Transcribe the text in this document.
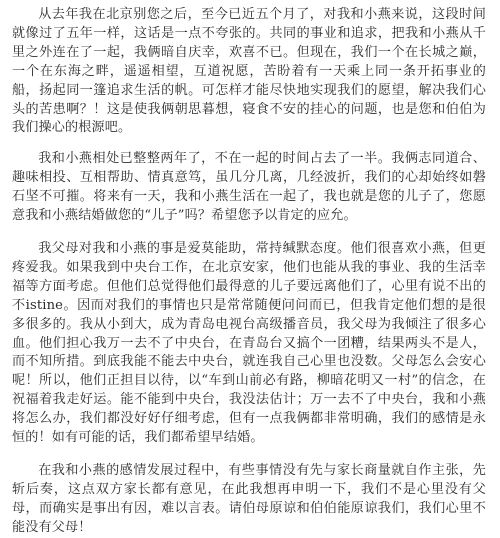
从去年我在北京别您之后，至今已近五个月了，对我和小燕来说，这段时间就像过了五年一样，这话是一点不夸张的。共同的事业和追求，把我和小燕从千里之外连在了一起，我俩暗自庆幸，欢喜不已。但现在，我们一个在长城之巅，一个在东海之畔，遥遥相望，互道祝愿，苦盼着有一天乘上同一条开拓事业的船，扬起同一篷追求生活的帆。可怎样才能尽快地实现我们的愿望，解决我们心头的苦患啊？！这是使我俩朝思暮想，寝食不安的挂心的问题，也是您和伯伯为我们操心的根源吧。

我和小燕相处已整整两年了，不在一起的时间占去了一半。我俩志同道合、趣味相投、互相帮助、情真意笃，虽几分几离，几经波折，我们的心却始终如磐石坚不可摧。将来有一天，我和小燕生活在一起了，我也就是您的儿子了，您愿意我和小燕结婚做您的“儿子”吗？希望您予以肯定的应允。

我父母对我和小燕的事是爱莫能助，常持缄默态度。他们很喜欢小燕，但更疼爱我。如果我到中央台工作，在北京安家，他们也能从我的事业、我的生活幸福等方面考虑。但他们总觉得他们最得意的儿子要远离他们了，心里有说不出的不istine。因而对我们的事情也只是常常随便问问而已，但我肯定他们想的是很多很多的。我从小到大，成为青岛电视台高级播音员，我父母为我倾注了很多心血。他们担心我万一去不了中央台，在青岛台又搞个一团糟，结果两头不是人，而不知所措。到底我能不能去中央台，就连我自己心里也没数。父母怎么会安心呢！所以，他们正担目以待，以“车到山前必有路，柳暗花明又一村”的信念，在祝福着我走好运。能不能到中央台，我没法估计；万一去不了中央台，我和小燕将怎么办，我们都没好好仔细考虑，但有一点我俩都非常明确，我们的感情是永恒的！如有可能的话，我们都希望早结婚。

在我和小燕的感情发展过程中，有些事情没有先与家长商量就自作主张，先斩后奏，这点双方家长都有意见，在此我想再申明一下，我们不是心里没有父母，而确实是事出有因，难以言表。请伯母原谅和伯伯能原谅我们，我们心里不能没有父母！
